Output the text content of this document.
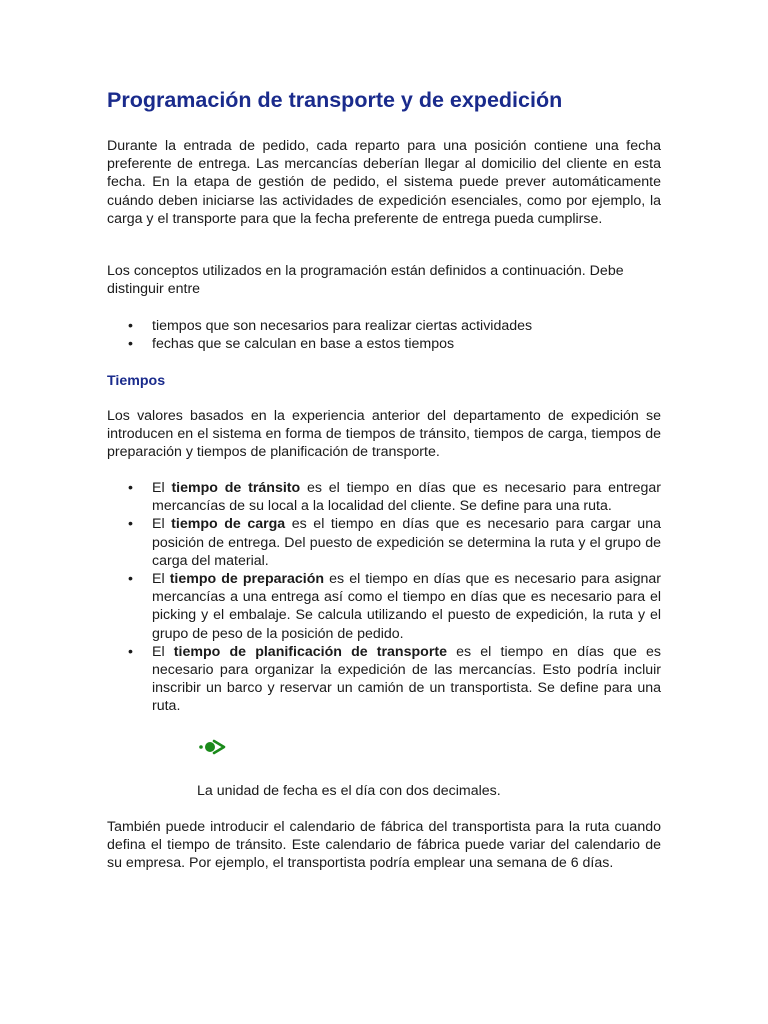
Programación de transporte y de expedición

Durante la entrada de pedido, cada reparto para una posición contiene una fecha preferente de entrega. Las mercancías deberían llegar al domicilio del cliente en esta fecha. En la etapa de gestión de pedido, el sistema puede prever automáticamente cuándo deben iniciarse las actividades de expedición esenciales, como por ejemplo, la carga y el transporte para que la fecha preferente de entrega pueda cumplirse.

Los conceptos utilizados en la programación están definidos a continuación. Debe distinguir entre

• tiempos que son necesarios para realizar ciertas actividades
• fechas que se calculan en base a estos tiempos
Tiempos

Los valores basados en la experiencia anterior del departamento de expedición se introducen en el sistema en forma de tiempos de tránsito, tiempos de carga, tiempos de preparación y tiempos de planificación de transporte.

• El tiempo de tránsito es el tiempo en días que es necesario para entregar mercancías de su local a la localidad del cliente. Se define para una ruta.
• El tiempo de carga es el tiempo en días que es necesario para cargar una posición de entrega. Del puesto de expedición se determina la ruta y el grupo de carga del material.
• El tiempo de preparación es el tiempo en días que es necesario para asignar mercancías a una entrega así como el tiempo en días que es necesario para el picking y el embalaje. Se calcula utilizando el puesto de expedición, la ruta y el grupo de peso de la posición de pedido.
• El tiempo de planificación de transporte es el tiempo en días que es necesario para organizar la expedición de las mercancías. Esto podría incluir inscribir un barco y reservar un camión de un transportista. Se define para una ruta.

La unidad de fecha es el día con dos decimales.

También puede introducir el calendario de fábrica del transportista para la ruta cuando defina el tiempo de tránsito. Este calendario de fábrica puede variar del calendario de su empresa. Por ejemplo, el transportista podría emplear una semana de 6 días.
